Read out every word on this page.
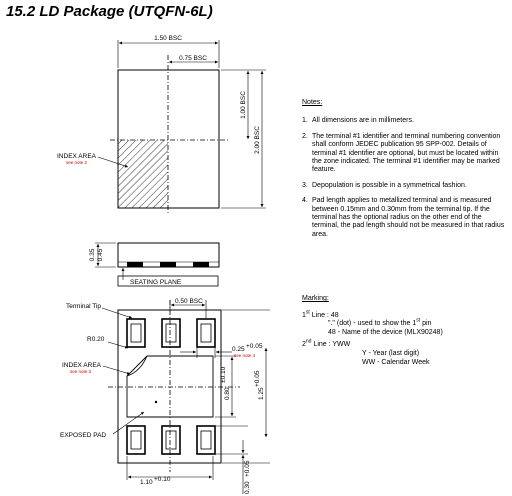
15.2 LD Package (UTQFN-6L)
1.50 BSC
0.75 BSC
1.00 BSC
2.00 BSC
INDEX AREA
see note 2
0.35 0.45
SEATING PLANE
Terminal Tip
0.50 BSC
R0.20
0.25 +0.05
see note 4
INDEX AREA
see note 3
0.80
±0.10
1.25
+0.05
EXPOSED PAD
1.10 +0.10
0.30
+0.05
Notes:
1. All dimensions are in millimeters.
2. The terminal #1 identifier and terminal numbering convention shall conform JEDEC publication 95 SPP-002. Details of terminal #1 identifier are optional, but must be located within the zone indicated. The terminal #1 identifier may be marked feature.
3. Depopulation is possible in a symmetrical fashion.
4. Pad length applies to metallized terminal and is measured between 0.15mm and 0.30mm from the terminal tip. If the terminal has the optional radius on the other end of the terminal, the pad length should not be measured in that radius area.
Marking:
1st Line : 48
"." (dot) - used to show the 1st pin
48 - Name of the device (MLX90248)
2nd Line : YWW
Y - Year (last digit)
WW - Calendar Week
